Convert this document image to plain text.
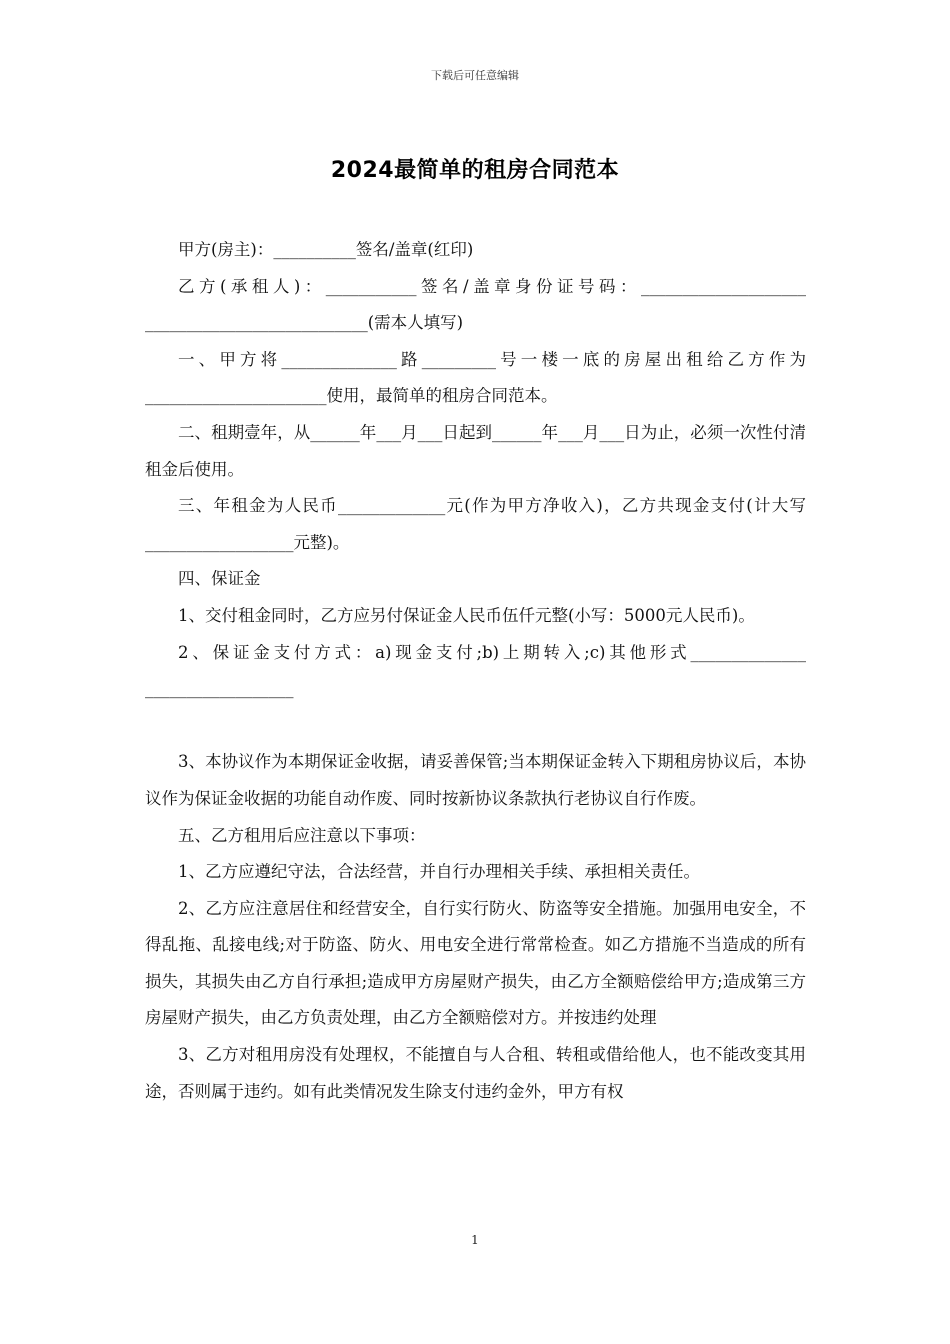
下载后可任意编辑
2024最简单的租房合同范本

甲方(房主)：__________签名/盖章(红印)

乙方(承租人)：___________签名/盖章身份证号码：____________________ ___________________________(需本人填写)

一、甲方将______________路_________号一楼一底的房屋出租给乙方作为______________________使用，最简单的租房合同范本。

二、租期壹年，从______年___月___日起到______年___月___日为止，必须一次性付清租金后使用。

三、年租金为人民币_____________元(作为甲方净收入)，乙方共现金支付(计大写__________________元整)。

四、保证金

1、交付租金同时，乙方应另付保证金人民币伍仟元整(小写：5000元人民币)。

2、保证金支付方式：a)现金支付;b)上期转入;c)其他形式______________ __________________

3、本协议作为本期保证金收据，请妥善保管;当本期保证金转入下期租房协议后，本协议作为保证金收据的功能自动作废、同时按新协议条款执行老协议自行作废。

五、乙方租用后应注意以下事项：

1、乙方应遵纪守法，合法经营，并自行办理相关手续、承担相关责任。

2、乙方应注意居住和经营安全，自行实行防火、防盗等安全措施。加强用电安全，不得乱拖、乱接电线;对于防盗、防火、用电安全进行常常检查。如乙方措施不当造成的所有损失，其损失由乙方自行承担;造成甲方房屋财产损失，由乙方全额赔偿给甲方;造成第三方房屋财产损失，由乙方负责处理，由乙方全额赔偿对方。并按违约处理

3、乙方对租用房没有处理权，不能擅自与人合租、转租或借给他人，也不能改变其用途，否则属于违约。如有此类情况发生除支付违约金外，甲方有权

1
